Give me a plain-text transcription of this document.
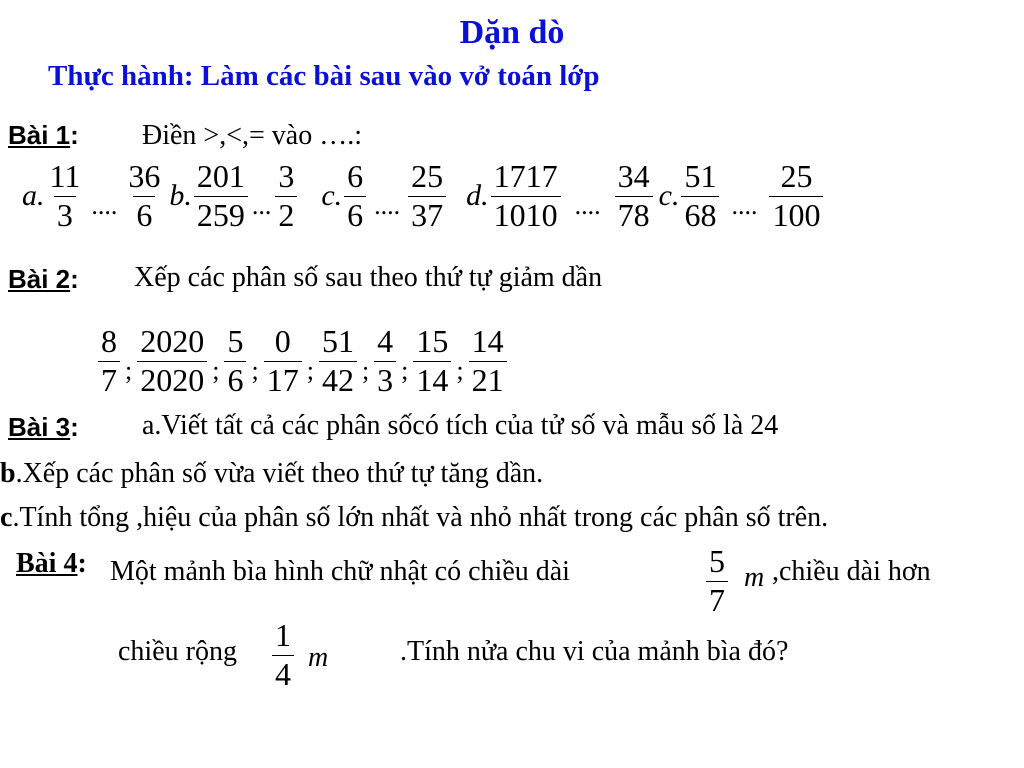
Dặn dò
Thực hành: Làm các bài sau vào vở toán lớp
Bài 1: Điền >,<,= vào ….:
a. $\frac{11}{3}$ .... $\frac{36}{6} b$. $\frac{201}{259}$ ... $\frac{3}{2} c$. $\frac{6}{6}$ .... $\frac{25}{37} d$. $\frac{1717}{1010}$ .... $\frac{34}{78} c$. $\frac{51}{68}$ .... $\frac{25}{100}$
Bài 2: Xếp các phân số sau theo thứ tự giảm dần
$\frac{8}{7}$ ; $\frac{2020}{2020}$ ; $\frac{5}{6}$ ; $\frac{0}{17}$ ; $\frac{51}{42}$ ; $\frac{4}{3}$ ; $\frac{15}{14}$ ; $\frac{14}{21}$
Bài 3: a.Viết tất cả các phân sốcó tích của tử số và mẫu số là 24
b.Xếp các phân số vừa viết theo thứ tự tăng dần.
c.Tính tổng ,hiệu của phân số lớn nhất và nhỏ nhất trong các phân số trên.
Bài 4: Một mảnh bìa hình chữ nhật có chiều dài	$\frac{5}{7}$ m ,chiều dài hơn
chiều rộng $\frac{1}{4}$ m	.Tính nửa chu vi của mảnh bìa đó?
